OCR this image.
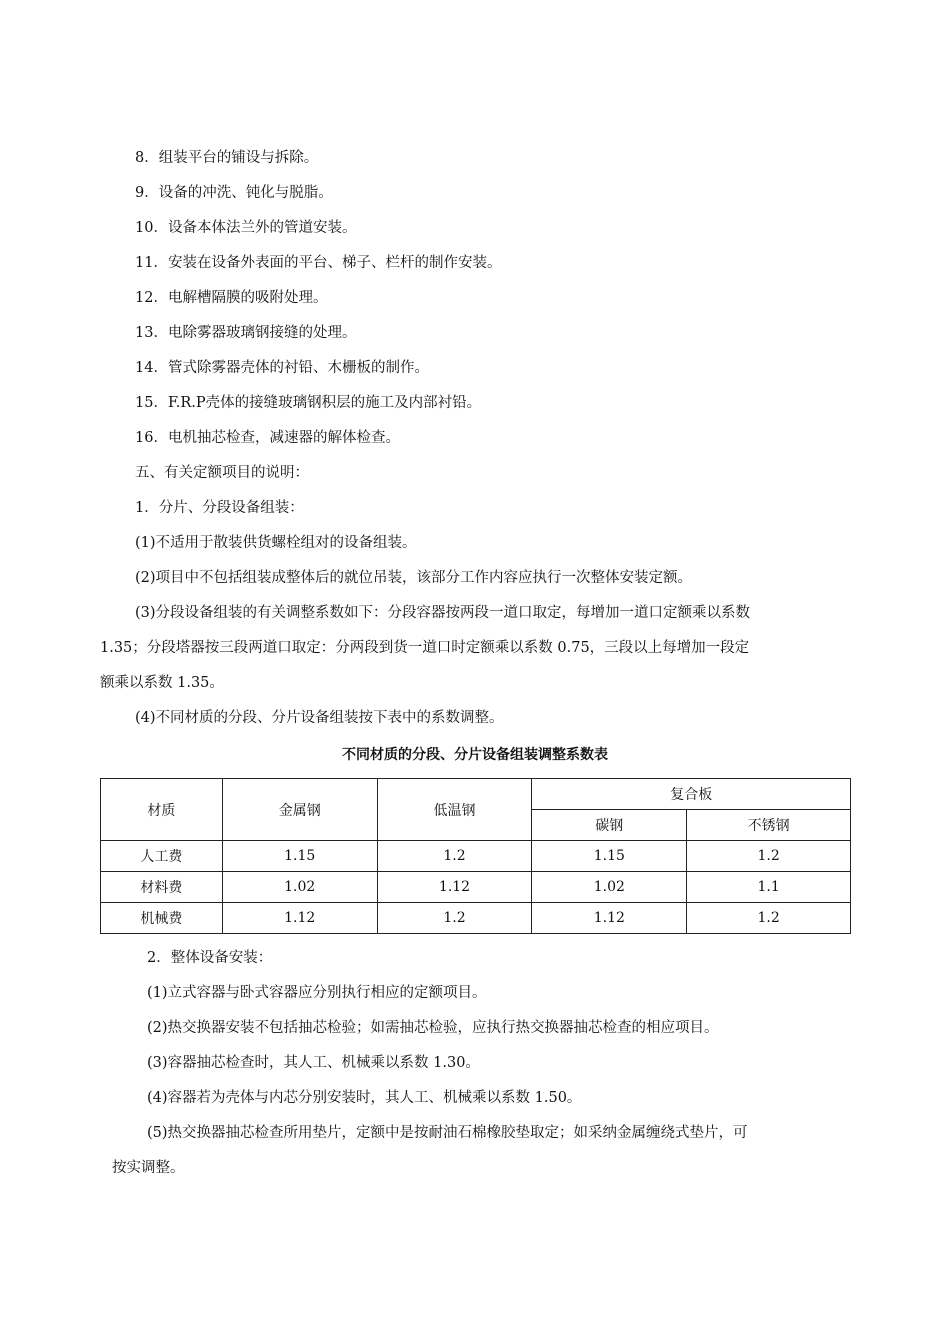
8．组装平台的铺设与拆除。
9．设备的冲洗、钝化与脱脂。
10．设备本体法兰外的管道安装。
11．安装在设备外表面的平台、梯子、栏杆的制作安装。
12．电解槽隔膜的吸附处理。
13．电除雾器玻璃钢接缝的处理。
14．管式除雾器壳体的衬铅、木栅板的制作。
15．F.R.P壳体的接缝玻璃钢积层的施工及内部衬铅。
16．电机抽芯检查，减速器的解体检查。
五、有关定额项目的说明：
1．分片、分段设备组装：
(1)不适用于散装供货螺栓组对的设备组装。
(2)项目中不包括组装成整体后的就位吊装，该部分工作内容应执行一次整体安装定额。
(3)分段设备组装的有关调整系数如下：分段容器按两段一道口取定，每增加一道口定额乘以系数
1.35；分段塔器按三段两道口取定：分两段到货一道口时定额乘以系数 0.75，三段以上每增加一段定
额乘以系数 1.35。
(4)不同材质的分段、分片设备组装按下表中的系数调整。
不同材质的分段、分片设备组装调整系数表
材质	金属钢	低温钢	复合板	
			碳钢	不锈钢
人工费	1.15	1.2	1.15	1.2
材料费	1.02	1.12	1.02	1.1
机械费	1.12	1.2	1.12	1.2
2．整体设备安装：
(1)立式容器与卧式容器应分别执行相应的定额项目。
(2)热交换器安装不包括抽芯检验；如需抽芯检验，应执行热交换器抽芯检查的相应项目。
(3)容器抽芯检查时，其人工、机械乘以系数 1.30。
(4)容器若为壳体与内芯分别安装时，其人工、机械乘以系数 1.50。
(5)热交换器抽芯检查所用垫片，定额中是按耐油石棉橡胶垫取定；如采纳金属缠绕式垫片，可
按实调整。
